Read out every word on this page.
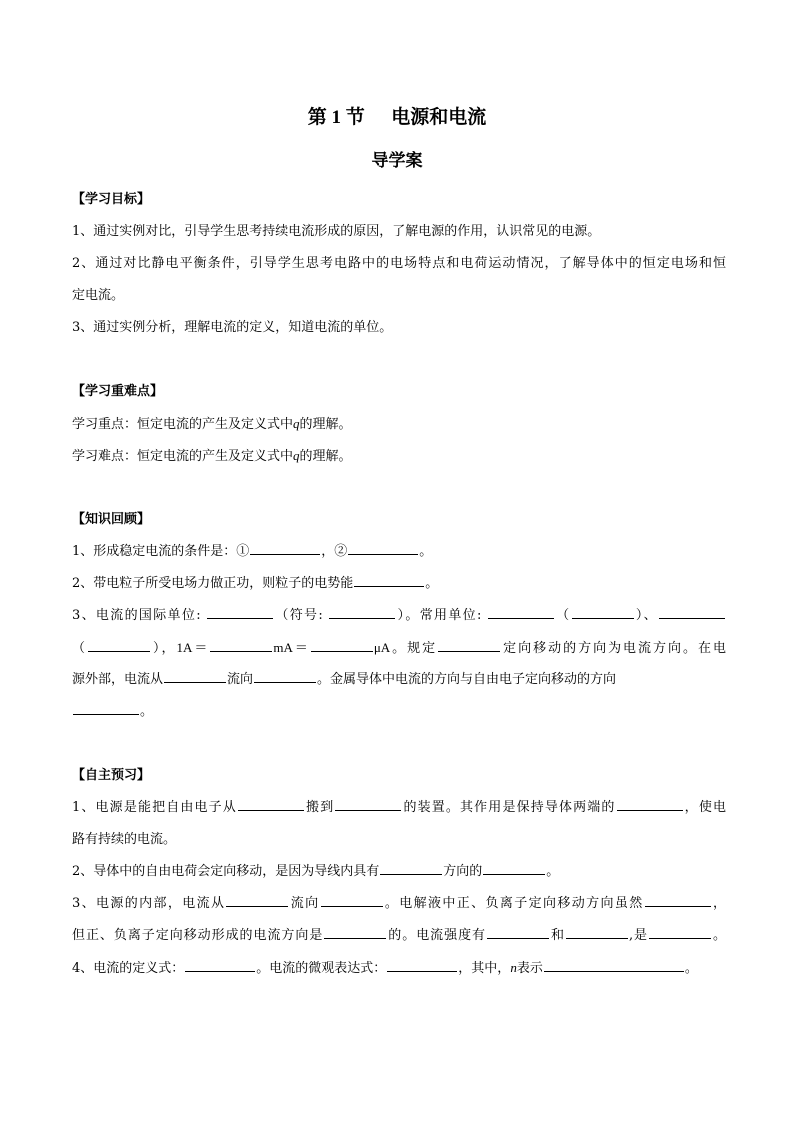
第 1 节 电源和电流
导学案
【学习目标】
1、通过实例对比，引导学生思考持续电流形成的原因，了解电源的作用，认识常见的电源。
2、通过对比静电平衡条件，引导学生思考电路中的电场特点和电荷运动情况，了解导体中的恒定电场和恒
定电流。
3、通过实例分析，理解电流的定义，知道电流的单位。
【学习重难点】
学习重点：恒定电流的产生及定义式中q的理解。
学习难点：恒定电流的产生及定义式中q的理解。
【知识回顾】
1、形成稳定电流的条件是：①	，②	。
2、带电粒子所受电场力做正功，则粒子的电势能	。
3、电流的国际单位:	（符号:	）。常用单位:	（	）、
（	），1A＝	mA＝	μA。规定	定向移动的方向为电流方向。在电
源外部，电流从	流向	。金属导体中电流的方向与自由电子定向移动的方向
。
【自主预习】
1、电源是能把自由电子从	搬到	的装置。其作用是保持导体两端的	，使电
路有持续的电流。
2、导体中的自由电荷会定向移动，是因为导线内具有	方向的	。
3、电源的内部，电流从	流向	。电解液中正、负离子定向移动方向虽然	，
但正、负离子定向移动形成的电流方向是	的。电流强度有	和	,是	。
4、电流的定义式：	。电流的微观表达式：	，其中，n表示	。
